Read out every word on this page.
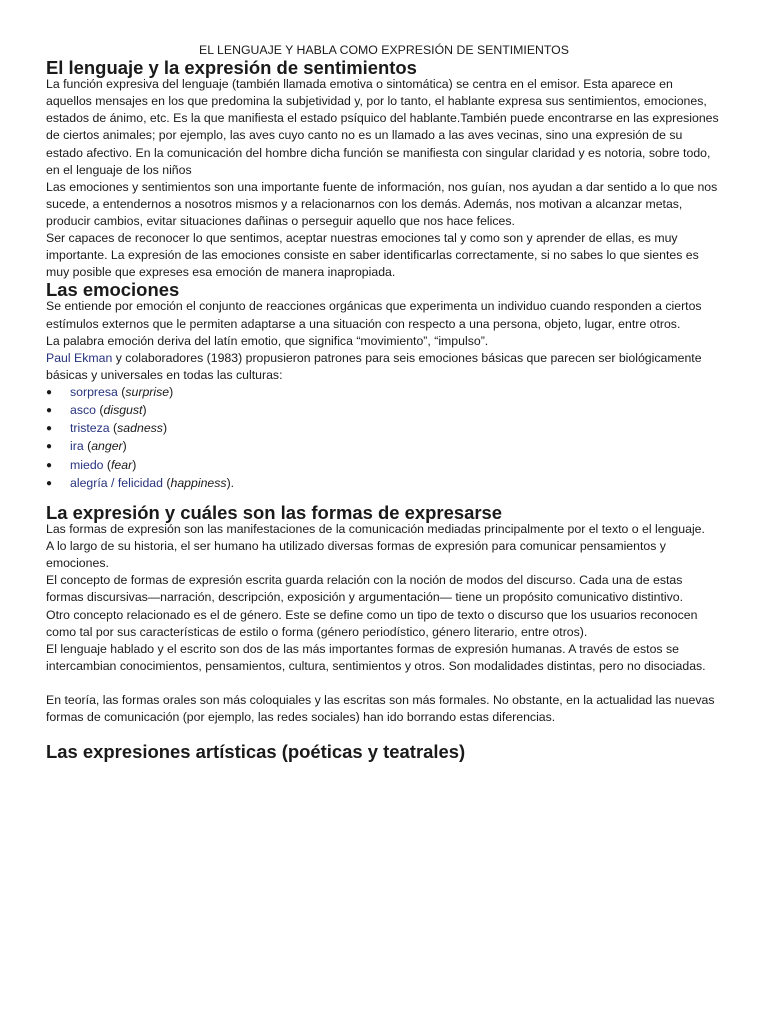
EL LENGUAJE Y HABLA COMO EXPRESIÓN DE SENTIMIENTOS
El lenguaje y la expresión de sentimientos

La función expresiva del lenguaje (también llamada emotiva o sintomática) se centra en el emisor. Esta aparece en aquellos mensajes en los que predomina la subjetividad y, por lo tanto, el hablante expresa sus sentimientos, emociones, estados de ánimo, etc. Es la que manifiesta el estado psíquico del hablante.También puede encontrarse en las expresiones de ciertos animales; por ejemplo, las aves cuyo canto no es un llamado a las aves vecinas, sino una expresión de su estado afectivo. En la comunicación del hombre dicha función se manifiesta con singular claridad y es notoria, sobre todo, en el lenguaje de los niños

Las emociones y sentimientos son una importante fuente de información, nos guían, nos ayudan a dar sentido a lo que nos sucede, a entendernos a nosotros mismos y a relacionarnos con los demás. Además, nos motivan a alcanzar metas, producir cambios, evitar situaciones dañinas o perseguir aquello que nos hace felices.

Ser capaces de reconocer lo que sentimos, aceptar nuestras emociones tal y como son y aprender de ellas, es muy importante. La expresión de las emociones consiste en saber identificarlas correctamente, si no sabes lo que sientes es muy posible que expreses esa emoción de manera inapropiada.

Las emociones

Se entiende por emoción el conjunto de reacciones orgánicas que experimenta un individuo cuando responden a ciertos estímulos externos que le permiten adaptarse a una situación con respecto a una persona, objeto, lugar, entre otros.

La palabra emoción deriva del latín emotio, que significa “movimiento”, “impulso”.

Paul Ekman y colaboradores (1983) propusieron patrones para seis emociones básicas que parecen ser biológicamente básicas y universales en todas las culturas:

● sorpresa (surprise)
● asco (disgust)
● tristeza (sadness)
● ira (anger)
● miedo (fear)
● alegría / felicidad (happiness).
La expresión y cuáles son las formas de expresarse

Las formas de expresión son las manifestaciones de la comunicación mediadas principalmente por el texto o el lenguaje.

A lo largo de su historia, el ser humano ha utilizado diversas formas de expresión para comunicar pensamientos y emociones.

El concepto de formas de expresión escrita guarda relación con la noción de modos del discurso. Cada una de estas formas discursivas—narración, descripción, exposición y argumentación— tiene un propósito comunicativo distintivo.

Otro concepto relacionado es el de género. Este se define como un tipo de texto o discurso que los usuarios reconocen como tal por sus características de estilo o forma (género periodístico, género literario, entre otros).

El lenguaje hablado y el escrito son dos de las más importantes formas de expresión humanas. A través de estos se intercambian conocimientos, pensamientos, cultura, sentimientos y otros. Son modalidades distintas, pero no disociadas.

En teoría, las formas orales son más coloquiales y las escritas son más formales. No obstante, en la actualidad las nuevas formas de comunicación (por ejemplo, las redes sociales) han ido borrando estas diferencias.

Las expresiones artísticas (poéticas y teatrales)
